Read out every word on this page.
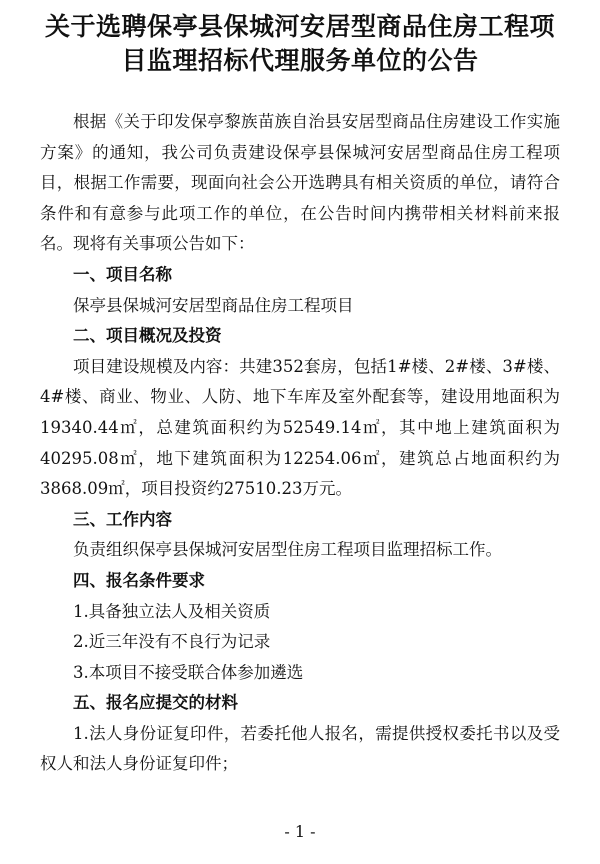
关于选聘保亭县保城河安居型商品住房工程项
目监理招标代理服务单位的公告

根据《关于印发保亭黎族苗族自治县安居型商品住房建设工作实施方案》的通知，我公司负责建设保亭县保城河安居型商品住房工程项目，根据工作需要，现面向社会公开选聘具有相关资质的单位，请符合条件和有意参与此项工作的单位，在公告时间内携带相关材料前来报名。现将有关事项公告如下：

一、项目名称

保亭县保城河安居型商品住房工程项目

二、项目概况及投资

项目建设规模及内容：共建352套房，包括1#楼、2#楼、3#楼、4#楼、商业、物业、人防、地下车库及室外配套等，建设用地面积为19340.44㎡，总建筑面积约为52549.14㎡，其中地上建筑面积为40295.08㎡，地下建筑面积为12254.06㎡，建筑总占地面积约为3868.09㎡，项目投资约27510.23万元。

三、工作内容

负责组织保亭县保城河安居型住房工程项目监理招标工作。

四、报名条件要求

1.具备独立法人及相关资质

2.近三年没有不良行为记录

3.本项目不接受联合体参加遴选

五、报名应提交的材料

1.法人身份证复印件，若委托他人报名，需提供授权委托书以及受权人和法人身份证复印件；

- 1 -
